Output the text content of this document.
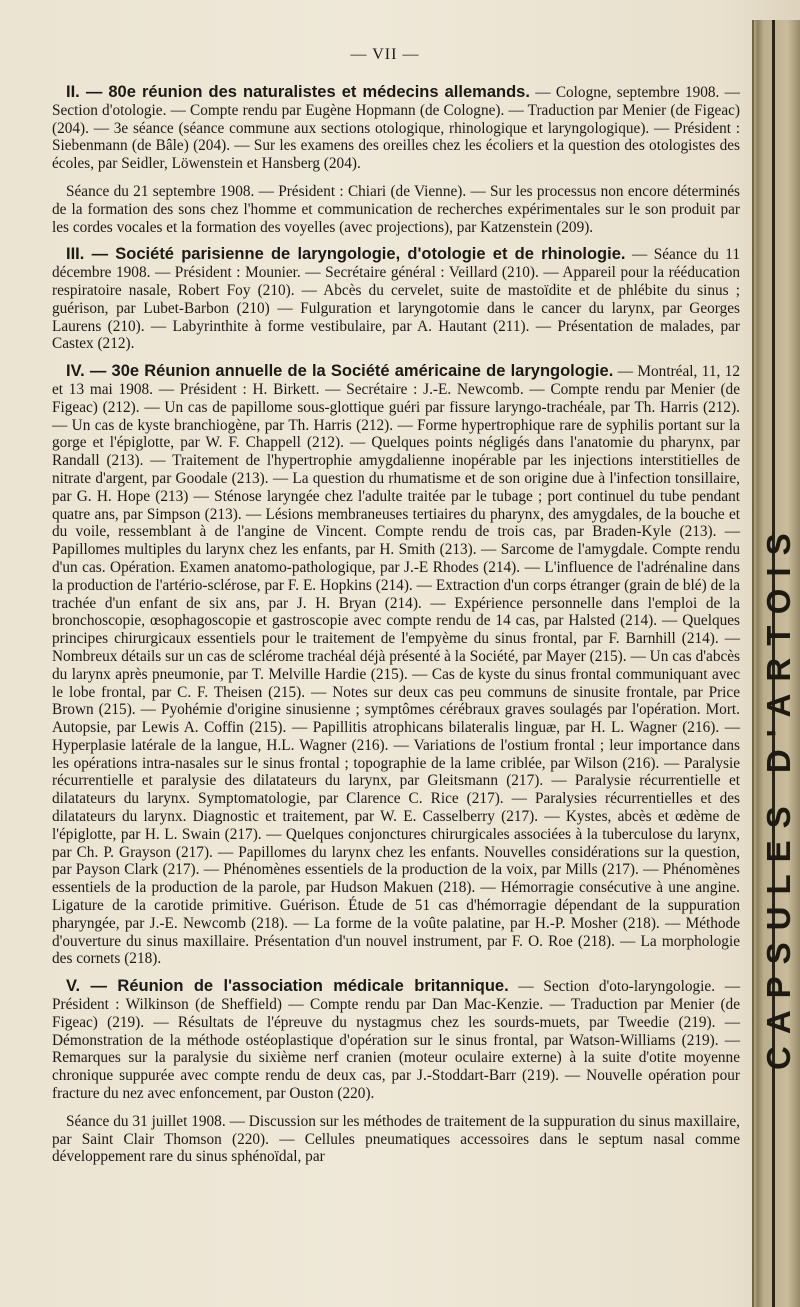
— VII —

II. — 80e réunion des naturalistes et médecins allemands. — Cologne, septembre 1908. — Section d'otologie. — Compte rendu par Eugène Hopmann (de Cologne). — Traduction par Menier (de Figeac) (204). — 3e séance (séance commune aux sections otologique, rhinologique et laryngologique). — Président : Siebenmann (de Bâle) (204). — Sur les examens des oreilles chez les écoliers et la question des otologistes des écoles, par Seidler, Löwenstein et Hansberg (204).

Séance du 21 septembre 1908. — Président : Chiari (de Vienne). — Sur les processus non encore déterminés de la formation des sons chez l'homme et communication de recherches expérimentales sur le son produit par les cordes vocales et la formation des voyelles (avec projections), par Katzenstein (209).

III. — Société parisienne de laryngologie, d'otologie et de rhinologie. — Séance du 11 décembre 1908. — Président : Mounier. — Secrétaire général : Veillard (210). — Appareil pour la rééducation respiratoire nasale, Robert Foy (210). — Abcès du cervelet, suite de mastoïdite et de phlébite du sinus ; guérison, par Lubet-Barbon (210) — Fulguration et laryngotomie dans le cancer du larynx, par Georges Laurens (210). — Labyrinthite à forme vestibulaire, par A. Hautant (211). — Présentation de malades, par Castex (212).

IV. — 30e Réunion annuelle de la Société américaine de laryngologie. — Montréal, 11, 12 et 13 mai 1908. — Président : H. Birkett. — Secrétaire : J.-E. Newcomb. — Compte rendu par Menier (de Figeac) (212). — Un cas de papillome sous-glottique guéri par fissure laryngo-trachéale, par Th. Harris (212). — Un cas de kyste branchiogène, par Th. Harris (212). — Forme hypertrophique rare de syphilis portant sur la gorge et l'épiglotte, par W. F. Chappell (212). — Quelques points négligés dans l'anatomie du pharynx, par Randall (213). — Traitement de l'hypertrophie amygdalienne inopérable par les injections interstitielles de nitrate d'argent, par Goodale (213). — La question du rhumatisme et de son origine due à l'infection tonsillaire, par G. H. Hope (213) — Sténose laryngée chez l'adulte traitée par le tubage ; port continuel du tube pendant quatre ans, par Simpson (213). — Lésions membraneuses tertiaires du pharynx, des amygdales, de la bouche et du voile, ressemblant à de l'angine de Vincent. Compte rendu de trois cas, par Braden-Kyle (213). — Papillomes multiples du larynx chez les enfants, par H. Smith (213). — Sarcome de l'amygdale. Compte rendu d'un cas. Opération. Examen anatomo-pathologique, par J.-E Rhodes (214). — L'influence de l'adrénaline dans la production de l'artério-sclérose, par F. E. Hopkins (214). — Extraction d'un corps étranger (grain de blé) de la trachée d'un enfant de six ans, par J. H. Bryan (214). — Expérience personnelle dans l'emploi de la bronchoscopie, œsophagoscopie et gastroscopie avec compte rendu de 14 cas, par Halsted (214). — Quelques principes chirurgicaux essentiels pour le traitement de l'empyème du sinus frontal, par F. Barnhill (214). — Nombreux détails sur un cas de sclérome trachéal déjà présenté à la Société, par Mayer (215). — Un cas d'abcès du larynx après pneumonie, par T. Melville Hardie (215). — Cas de kyste du sinus frontal communiquant avec le lobe frontal, par C. F. Theisen (215). — Notes sur deux cas peu communs de sinusite frontale, par Price Brown (215). — Pyohémie d'origine sinusienne ; symptômes cérébraux graves soulagés par l'opération. Mort. Autopsie, par Lewis A. Coffin (215). — Papillitis atrophicans bilateralis linguæ, par H. L. Wagner (216). — Hyperplasie latérale de la langue, H.L. Wagner (216). — Variations de l'ostium frontal ; leur importance dans les opérations intra-nasales sur le sinus frontal ; topographie de la lame criblée, par Wilson (216). — Paralysie récurrentielle et paralysie des dilatateurs du larynx, par Gleitsmann (217). — Paralysie récurrentielle et dilatateurs du larynx. Symptomatologie, par Clarence C. Rice (217). — Paralysies récurrentielles et des dilatateurs du larynx. Diagnostic et traitement, par W. E. Casselberry (217). — Kystes, abcès et œdème de l'épiglotte, par H. L. Swain (217). — Quelques conjonctures chirurgicales associées à la tuberculose du larynx, par Ch. P. Grayson (217). — Papillomes du larynx chez les enfants. Nouvelles considérations sur la question, par Payson Clark (217). — Phénomènes essentiels de la production de la voix, par Mills (217). — Phénomènes essentiels de la production de la parole, par Hudson Makuen (218). — Hémorragie consécutive à une angine. Ligature de la carotide primitive. Guérison. Étude de 51 cas d'hémorragie dépendant de la suppuration pharyngée, par J.-E. Newcomb (218). — La forme de la voûte palatine, par H.-P. Mosher (218). — Méthode d'ouverture du sinus maxillaire. Présentation d'un nouvel instrument, par F. O. Roe (218). — La morphologie des cornets (218).

V. — Réunion de l'association médicale britannique. — Section d'oto-laryngologie. — Président : Wilkinson (de Sheffield) — Compte rendu par Dan Mac-Kenzie. — Traduction par Menier (de Figeac) (219). — Résultats de l'épreuve du nystagmus chez les sourds-muets, par Tweedie (219). — Démonstration de la méthode ostéoplastique d'opération sur le sinus frontal, par Watson-Williams (219). — Remarques sur la paralysie du sixième nerf cranien (moteur oculaire externe) à la suite d'otite moyenne chronique suppurée avec compte rendu de deux cas, par J.-Stoddart-Barr (219). — Nouvelle opération pour fracture du nez avec enfoncement, par Ouston (220).

Séance du 31 juillet 1908. — Discussion sur les méthodes de traitement de la suppuration du sinus maxillaire, par Saint Clair Thomson (220). — Cellules pneumatiques accessoires dans le septum nasal comme développement rare du sinus sphénoïdal, par

CAPSULES D'ARTOIS
